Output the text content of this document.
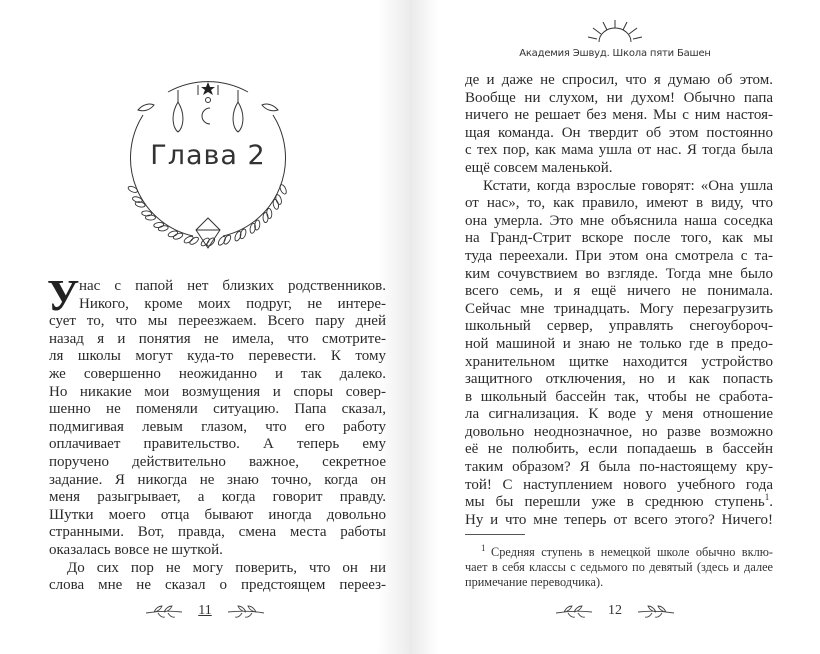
Глава 2
У нас с папой нет близких родственников.
Никого, кроме моих подруг, не интере-
сует то, что мы переезжаем. Всего пару дней
назад я и понятия не имела, что смотрите-
ля школы могут куда-то перевести. К тому
же совершенно неожиданно и так далеко.
Но никакие мои возмущения и споры совер-
шенно не поменяли ситуацию. Папа сказал,
подмигивая левым глазом, что его работу
оплачивает правительство. А теперь ему
поручено действительно важное, секретное
задание. Я никогда не знаю точно, когда он
меня разыгрывает, а когда говорит правду.
Шутки моего отца бывают иногда довольно
странными. Вот, правда, смена места работы
оказалась вовсе не шуткой.
До сих пор не могу поверить, что он ни
слова мне не сказал о предстоящем переез-
11
Академия Эшвуд. Школа пяти Башен
де и даже не спросил, что я думаю об этом.
Вообще ни слухом, ни духом! Обычно папа
ничего не решает без меня. Мы с ним настоя-
щая команда. Он твердит об этом постоянно
с тех пор, как мама ушла от нас. Я тогда была
ещё совсем маленькой.
Кстати, когда взрослые говорят: «Она ушла
от нас», то, как правило, имеют в виду, что
она умерла. Это мне объяснила наша соседка
на Гранд-Стрит вскоре после того, как мы
туда переехали. При этом она смотрела с та-
ким сочувствием во взгляде. Тогда мне было
всего семь, и я ещё ничего не понимала.
Сейчас мне тринадцать. Могу перезагрузить
школьный сервер, управлять снегоубороч-
ной машиной и знаю не только где в предо-
хранительном щитке находится устройство
защитного отключения, но и как попасть
в школьный бассейн так, чтобы не сработа-
ла сигнализация. К воде у меня отношение
довольно неоднозначное, но разве возможно
её не полюбить, если попадаешь в бассейн
таким образом? Я была по-настоящему кру-
той! С наступлением нового учебного года
мы бы перешли уже в среднюю ступень$^1$.
Ну и что мне теперь от всего этого? Ничего!
$^1$ Средняя ступень в немецкой школе обычно вклю-
чает в себя классы с седьмого по девятый (здесь и далее
примечание переводчика).
12
